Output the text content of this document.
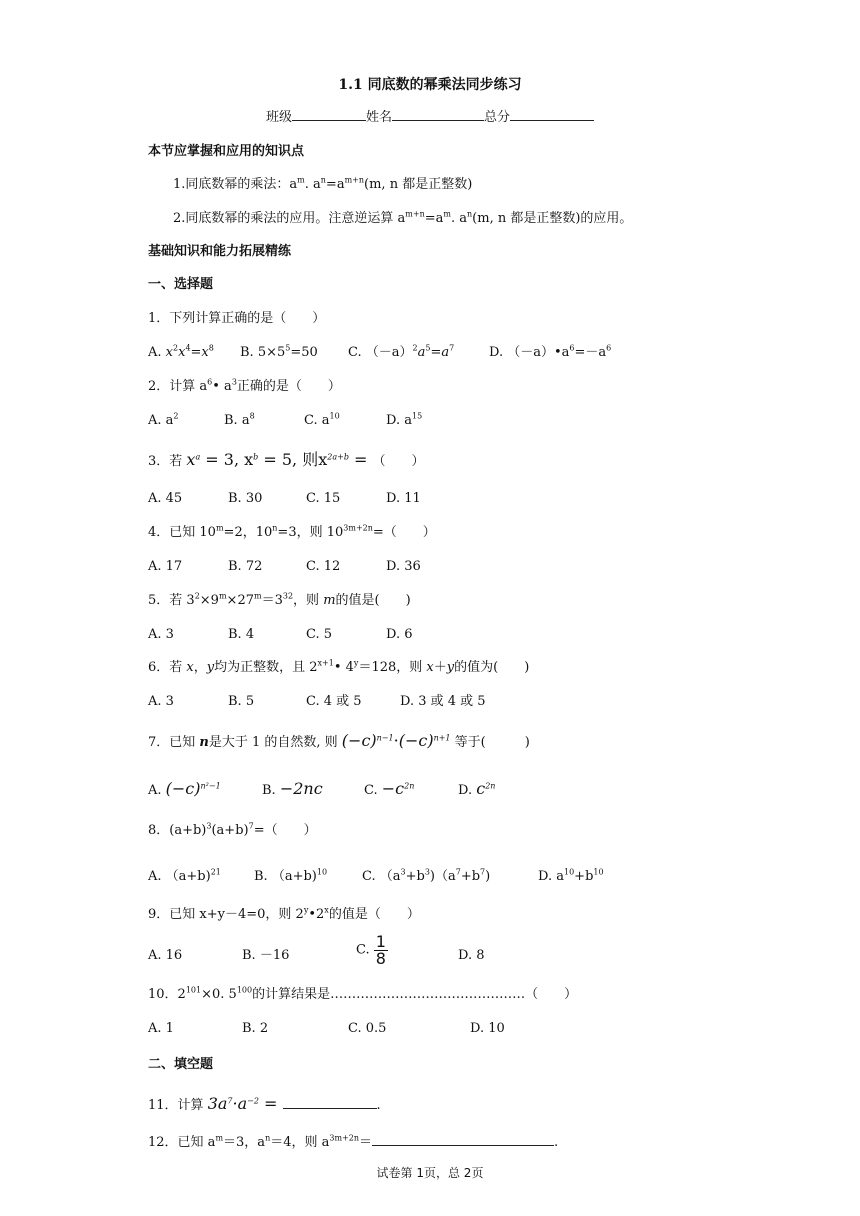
1.1 同底数的幂乘法同步练习
班级	姓名	总分
本节应掌握和应用的知识点
1.同底数幂的乘法：$a^m$. $a^n=a^{m+n}(m$, n 都是正整数)
2.同底数幂的乘法的应用。注意逆运算 $a^{m+n}=a^m$. $a^n(m$, n 都是正整数)的应用。
基础知识和能力拓展精练
一、选择题
1．下列计算正确的是（　　）
A. $x^2x^4=x^8$ B. $5\times 5^5=50$ C. $(-a)^2a^5=a^7$	D. $(-a)•a^6=-a^6$
2．计算 $a^6•$ $a^3$正确的是（　　）
A. $a^2$	B. $a^8$	C. $a^{10}$	D. $a^{15}$
3．若 $x^a = 3$, $x^b = 5$, 则$x^{2a+b}$ = （　　）
A. 45	B. 30	C. 15	D. 11
4．已知 $10^m=2$，$10^n=3$，则 $10^{3m+2n}=$（　　）
A. 17	B. 72	C. 12	D. 36
5．若 $3^2\times 9^m\times 27^m=3^{32}$，则 m的值是(　　)
A. 3	B. 4	C. 5	D. 6
6．若 x，y均为正整数，且 $2^{x+1}•$ $4^y=128$，则 x＋y的值为(　　)
A. 3	B. 5	C. 4 或 5	D. 3 或 4 或 5
7．已知 n是大于 1 的自然数, 则 $(-c)^{n-1}\cdot(-c)^{n+1}$ 等于(　　　)
A. $(-c)^{n^2-1}$	B. −2nc	C. $-c^{2n}$	D. $c^{2n}$
8．$(a+b)^3(a+b)^7=$（　　）
A. （a+b)$^{21}$	B. （a+b)$^{10}$	C. $(a^3+b^3)(a^7+b^7)$	D. $a^{10}+b^{10}$
9．已知 x+y－4=0，则 2$^y$•2$^x$的值是（　　）
A. 16	B. －16	C. $\frac{1}{8}$	D. 8
10．$2^{101}\times 0$. $5^{100}$的计算结果是………………………………………（　　）
A. 1	B. 2	C. 0.5	D. 10
二、填空题
11．计算 $3a^7\cdot a^{-2}$ =	.
12．已知 $a^m=3$，$a^n=4$，则 $a^{3m+2n}=$	.
试卷第 1页，总 2页
